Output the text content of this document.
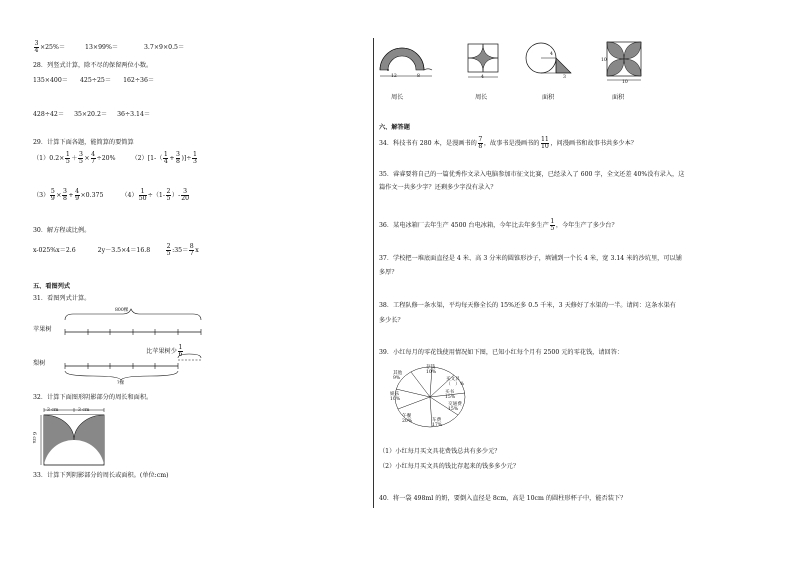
$\frac{3}{4} \times 25\%=$	13×99%＝	3.7×9×0.5＝
28．列竖式计算，除不尽的保留两位小数。
135×400＝ 425÷25＝ 162÷36＝
428÷42＝ 35×20.2＝ 36÷3.14＝
29．计算下面各题，能简算的要简算
$(1)0.2\times \frac{1}{5} + \frac{3}{5} \times \frac{4}{7} \div 20\%$	$(2)[1-( \frac{1}{4} + \frac{3}{8}$ )]÷ $\frac{1}{3}$
$(3) \frac{5}{9} \times \frac{3}{8} + \frac{4}{9} \times 0.375$	$(4) \frac{1}{50} \div(1- \frac{2}{5}$ ）- $\frac{3}{20}$
30．解方程或比例。
x-025%x＝2.6	2y－3.5×4＝16.8	$\frac{2}{5}$ :35＝ $\frac{8}{7}$ x
五、看图列式
31．看图列式计算。
800棵
苹果树
梨树
比苹果树少 $\frac{1}{6}$
?棵
32．计算下面图形阴影部分的周长和面积。
3 cm	3 cm
6 cm
33．计算下列阴影部分的周长或面积。(单位:cm)
12	8
周长
4
周长
4
3
面积
10
10
面积
六、解答题
34．科技书有 280 本，是漫画书的 $\frac{7}{8}$ ，故事书是漫画书的 $\frac{11}{10}$ ，问漫画书和故事书共多少本？
35．睿睿要将自己的一篇优秀作文录入电脑参加市征文比赛，已经录入了 600 字，全文还差 40%没有录入，这
篇作文一共多少字？还剩多少字没有录入？
36．某电冰箱厂去年生产 4500 台电冰箱，今年比去年多生产 $\frac{1}{5}$ ，今年生产了多少台？
37．学校把一堆底面直径是 4 米、高 3 分米的圆锥形沙子，填铺到一个长 4 米，宽 3.14 米的沙坑里，可以铺
多厚？
38．工程队修一条水渠，平均每天修全长的 15%还多 0.5 千米，3 天修好了水渠的一半。请问：这条水渠有
多少长？
39．小红每月的零花钱使用情况如下图，已知小红每个月有 2500 元的零花钱，请回答：
其他
9%
存钱
10%
买文具
（　）%
买书
15%
交通费
15%
车费
17%
午餐
20%
娱乐
10%
（1）小红每月买文具花费钱总共有多少元？
（2）小红每月买文具的钱比存起来的钱多多少元？
40．将一袋 498ml 的奶，要倒入直径是 8cm，高是 10cm 的圆柱形杯子中，能否装下？
